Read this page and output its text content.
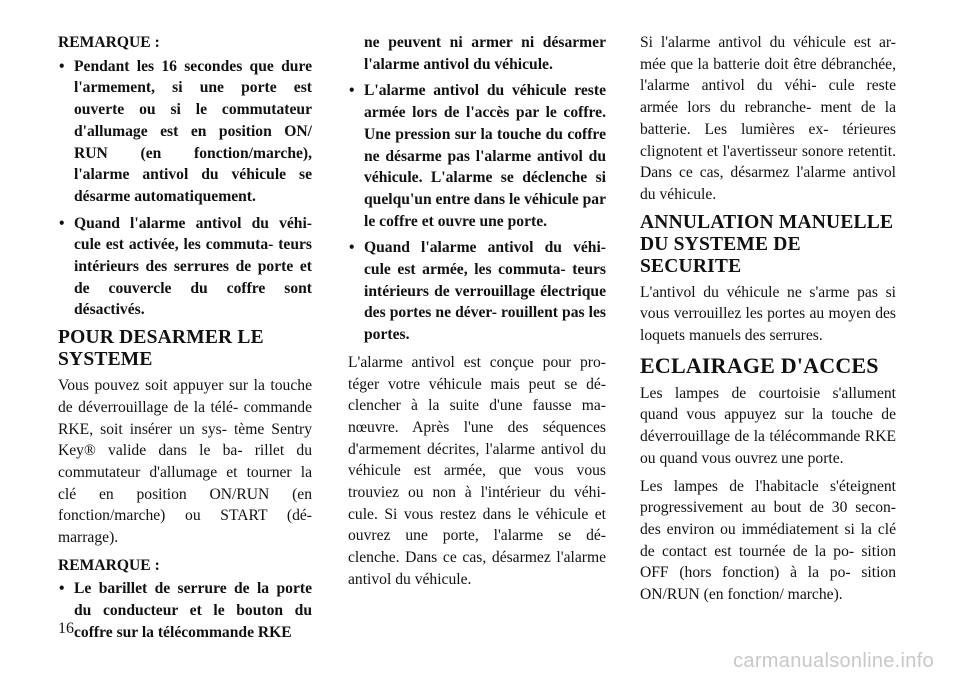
REMARQUE :

• Pendant les 16 secondes que dure l'armement, si une porte est ouverte ou si le commutateur d'allumage est en position ON/ RUN (en fonction/marche), l'alarme antivol du véhicule se désarme automatiquement.
• Quand l'alarme antivol du véhi- cule est activée, les commuta- teurs intérieurs des serrures de porte et de couvercle du coffre sont désactivés.
POUR DESARMER LE SYSTEME

Vous pouvez soit appuyer sur la touche de déverrouillage de la télé- commande RKE, soit insérer un sys- tème Sentry Key® valide dans le ba- rillet du commutateur d'allumage et tourner la clé en position ON/RUN (en fonction/marche) ou START (dé- marrage).

REMARQUE :

• Le barillet de serrure de la porte du conducteur et le bouton du coffre sur la télécommande RKE
ne peuvent ni armer ni désarmer l'alarme antivol du véhicule.
• L'alarme antivol du véhicule reste armée lors de l'accès par le coffre. Une pression sur la touche du coffre ne désarme pas l'alarme antivol du véhicule. L'alarme se déclenche si quelqu'un entre dans le véhicule par le coffre et ouvre une porte.
• Quand l'alarme antivol du véhi- cule est armée, les commuta- teurs intérieurs de verrouillage électrique des portes ne déver- rouillent pas les portes.

L'alarme antivol est conçue pour pro- téger votre véhicule mais peut se dé- clencher à la suite d'une fausse ma- nœuvre. Après l'une des séquences d'armement décrites, l'alarme antivol du véhicule est armée, que vous vous trouviez ou non à l'intérieur du véhi- cule. Si vous restez dans le véhicule et ouvrez une porte, l'alarme se dé- clenche. Dans ce cas, désarmez l'alarme antivol du véhicule.

Si l'alarme antivol du véhicule est ar- mée que la batterie doit être débranchée, l'alarme antivol du véhi- cule reste armée lors du rebranche- ment de la batterie. Les lumières ex- térieures clignotent et l'avertisseur sonore retentit. Dans ce cas, désarmez l'alarme antivol du véhicule.

ANNULATION MANUELLE DU SYSTEME DE SECURITE

L'antivol du véhicule ne s'arme pas si vous verrouillez les portes au moyen des loquets manuels des serrures.

ECLAIRAGE D'ACCES

Les lampes de courtoisie s'allument quand vous appuyez sur la touche de déverrouillage de la télécommande RKE ou quand vous ouvrez une porte.

Les lampes de l'habitacle s'éteignent progressivement au bout de 30 secon- des environ ou immédiatement si la clé de contact est tournée de la po- sition OFF (hors fonction) à la po- sition ON/RUN (en fonction/ marche).

16
carmanualsonline.info
